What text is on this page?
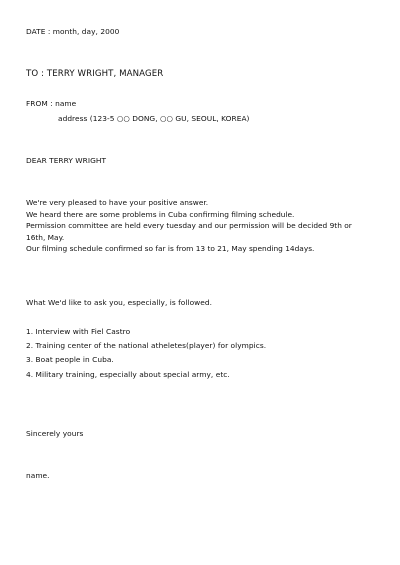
DATE : month, day, 2000
TO : TERRY WRIGHT, MANAGER
FROM : name
address (123-5 ○○ DONG, ○○ GU, SEOUL, KOREA)
DEAR TERRY WRIGHT

We're very pleased to have your positive answer.

We heard there are some problems in Cuba confirming filming schedule.

Permission committee are held every tuesday and our permission will be decided 9th or 16th, May.

Our filming schedule confirmed so far is from 13 to 21, May spending 14days.

What We'd like to ask you, especially, is followed.
1. Interview with Fiel Castro
2. Training center of the national atheletes(player) for olympics.
3. Boat people in Cuba.
4. Military training, especially about special army, etc.
Sincerely yours
name.
